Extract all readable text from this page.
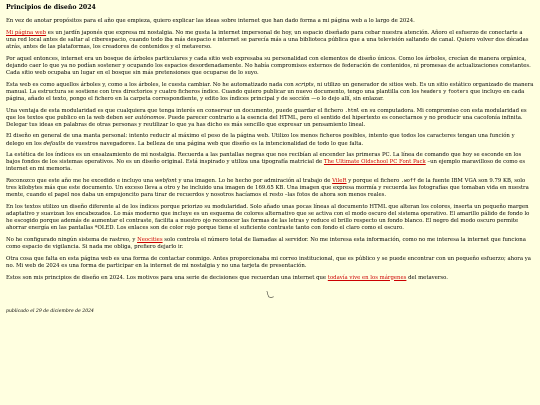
Principios de diseño 2024

En vez de anotar propósitos para el año que empieza, quiero explicar las ideas sobre internet que han dado forma a mi página web a lo largo de 2024.

Mi página web es un jardín japonés que expresa mi nostalgia. No me gusta la internet impersonal de hoy, un espacio diseñado para cebar nuestra atención. Añoro el esfuerzo de conectarte a una red local antes de saltar al ciberespacio, cuando todo iba más despacio e internet se parecía más a una biblioteca pública que a una televisión saltando de canal. Quiero volver dos décadas atrás, antes de las plataformas, los creadores de contenidos y el metaverso.

Por aquel entonces, internet era un bosque de árboles particulares y cada sitio web expresaba su personalidad con elementos de diseño únicos. Como los árboles, crecían de manera orgánica, dejando caer lo que ya no podían sostener y ocupando los espacios desordenadamente. No había compromisos externos de federación de contenidos, ni promesas de actualizaciones constantes. Cada sitio web ocupaba un lugar en el bosque sin más pretensiones que ocuparse de lo suyo.

Esta web es como aquellos árboles y, como a los árboles, le cuesta cambiar. No he automatizado nada con scripts, ni utilizo un generador de sitios web. Es un sitio estático organizado de manera manual. La estructura se sostiene con tres directorios y cuatro ficheros índice. Cuando quiero publicar un nuevo documento, tengo una plantilla con los headers y footers que incluyo en cada página, añado el texto, pongo el fichero en la carpeta correspondiente, y edito los índices principal y de sección —o lo dejo allí, sin enlazar.

Una ventaja de esta modularidad es que cualquiera que tenga interés en conservar un documento, puede guardar el fichero .html en su computadora. Mi compromiso con esta modularidad es que los textos que publico en la web deben ser autónomos. Puede parecer contrario a la esencia del HTML, pero el sentido del hipertexto es conectarnos y no producir una cacofonía infinita. Delegar tus ideas en palabras de otras personas y reutilizar lo que ya has dicho es más sencillo que expresar un pensamiento lineal.

El diseño en general de una manta personal: intento reducir al máximo el peso de la página web. Utilizo los menos ficheros posibles, intento que todos los caracteres tengan una función y delego en los defaults de vuestros navegadores. La belleza de una página web que diseño es la intencionalidad de todo lo que falta.

La estética de los índices es un ensalzamiento de mi nostalgia. Recuerda a las pantallas negras que nos recibían al encender las primeras PC. La línea de comando que hoy se esconde en los bajos fondos de los sistemas operativos. No es un diseño original. Está inspirado y utiliza una tipografía matricial de The Ultimate Oldschool PC Font Pack –un ejemplo maravilloso de como es internet en mi memoria.

Reconozco que este año me he excedido e incluyo una webfont y una imagen. Lo he hecho por admiración al trabajo de VileR y porque el fichero .woff de la fuente IBM VGA son 9.79 KB, solo tres kilobytes más que este documento. Un exceso lleva a otro y he incluido una imagen de 169.65 KB. Una imagen que expresa mormía y recuerda las fotografías que tomaban vida en nuestra mente, cuando el papel nos daba un empujoncito para tirar de recuerdos y nosotros hacíamos el resto –las fotos de ahora son menos reales.

En los textos utilizo un diseño diferente al de los índices porque priorizo su modularidad. Solo añado unas pocas líneas al documento HTML que alteran los colores, inserta un pequeño margen adaptativo y suavizan los encabezados. Lo más moderno que incluye es un esquema de colores alternativo que se activa con el modo oscuro del sistema operativo. El amarillo pálido de fondo lo he escogido porque además de aumentar el contraste, facilita a nuestro ojo reconocer las formas de las letras y reduce el brillo respecto un fondo blanco. El negro del modo oscuro permite ahorrar energía en las pantallas *OLED. Los enlaces son de color rojo porque tiene el suficiente contraste tanto con fondo el claro como el oscuro.

No he configurado ningún sistema de rastreo, y Neocities solo controla el número total de llamadas al servidor. No me interesa esta información, como no me interesa la internet que funciona como espacio de vigilancia. Si nada me obliga, prefiero dejarlo ir.

Otra cosa que falta en esta página web es una forma de contactar conmigo. Antes proporcionaba mi correo institucional, que es público y se puede encontrar con un pequeño esfuerzo; ahora ya no. Mi web de 2024 es una forma de participar en la internet de mi nostalgia y no una tarjeta de presentación.

Estos son mis principios de diseño en 2024. Los motivos para una serie de decisiones que recuerdan una internet que todavía vive en los márgenes del metaverso.

\‿
publicado el 29 de diciembre de 2024
